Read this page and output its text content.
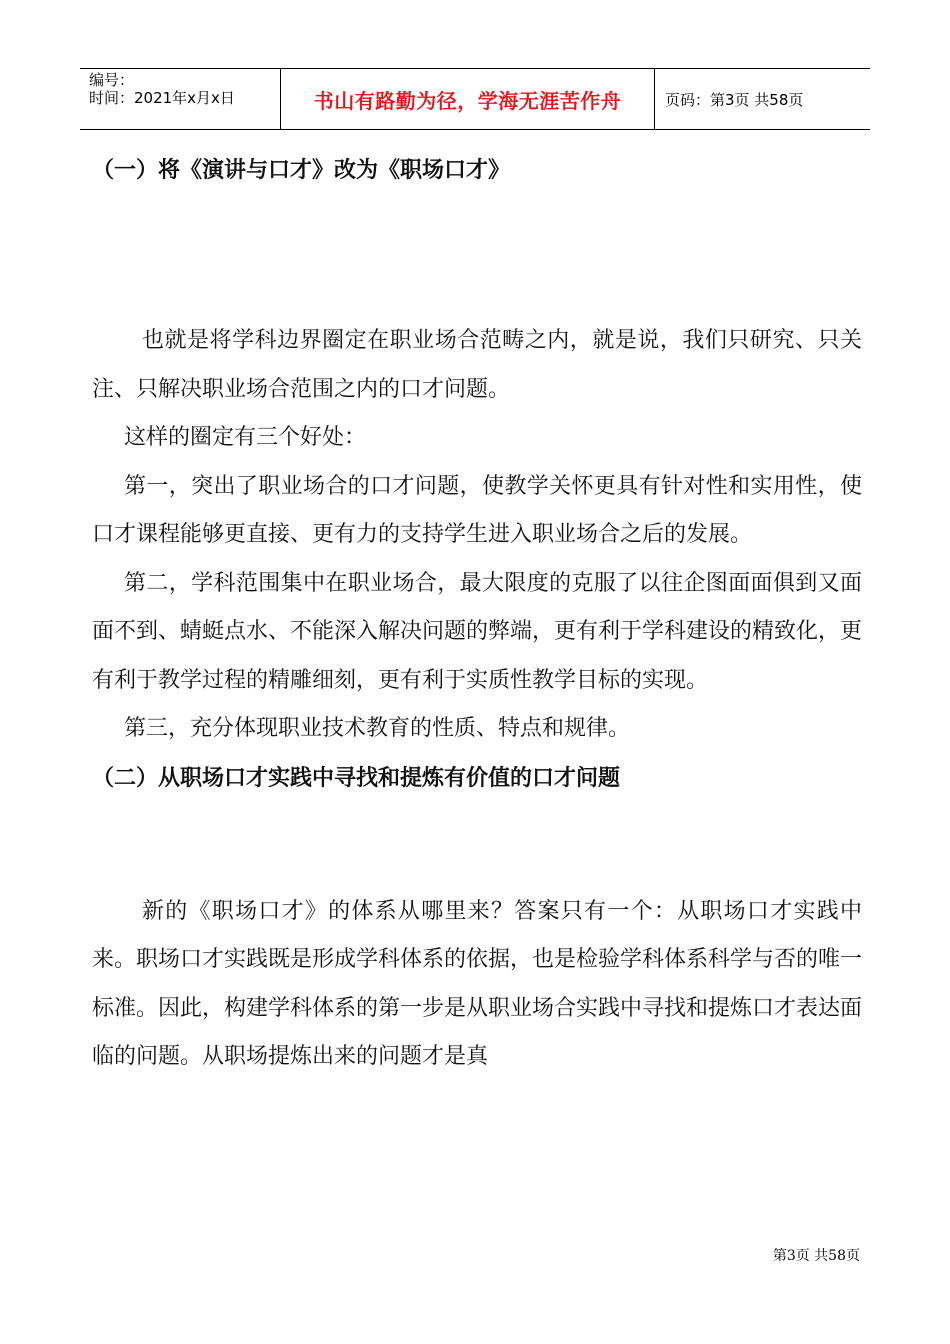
编号：
时间：2021年x月x日	书山有路勤为径，学海无涯苦作舟	页码：第3页 共58页

（一）将《演讲与口才》改为《职场口才》

也就是将学科边界圈定在职业场合范畴之内，就是说，我们只研究、只关注、只解决职业场合范围之内的口才问题。

这样的圈定有三个好处：

第一，突出了职业场合的口才问题，使教学关怀更具有针对性和实用性，使口才课程能够更直接、更有力的支持学生进入职业场合之后的发展。

第二，学科范围集中在职业场合，最大限度的克服了以往企图面面俱到又面面不到、蜻蜓点水、不能深入解决问题的弊端，更有利于学科建设的精致化，更有利于教学过程的精雕细刻，更有利于实质性教学目标的实现。

第三，充分体现职业技术教育的性质、特点和规律。

（二）从职场口才实践中寻找和提炼有价值的口才问题

新的《职场口才》的体系从哪里来？答案只有一个：从职场口才实践中来。职场口才实践既是形成学科体系的依据，也是检验学科体系科学与否的唯一标准。因此，构建学科体系的第一步是从职业场合实践中寻找和提炼口才表达面临的问题。从职场提炼出来的问题才是真

第3页 共58页
